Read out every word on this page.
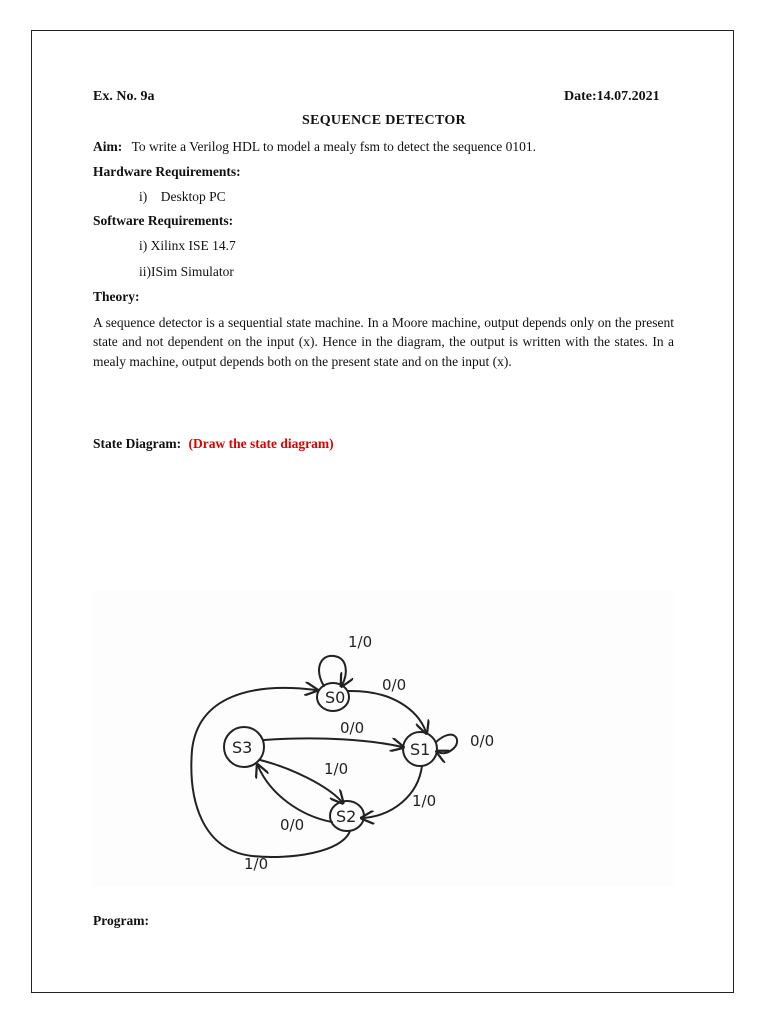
Ex. No. 9a	Date:14.07.2021
SEQUENCE DETECTOR
Aim: To write a Verilog HDL to model a mealy fsm to detect the sequence 0101.
Hardware Requirements:
i)    Desktop PC
Software Requirements:
i) Xilinx ISE 14.7
ii)ISim Simulator
Theory:
A sequence detector is a sequential state machine. In a Moore machine, output depends only on the present state and not dependent on the input (x). Hence in the diagram, the output is written with the states. In a mealy machine, output depends both on the present state and on the input (x).
State Diagram: (Draw the state diagram)
S0
S1
S2
S3
1/0
0/0
0/0
1/0
0/0
1/0
0/0
1/0
Program:
